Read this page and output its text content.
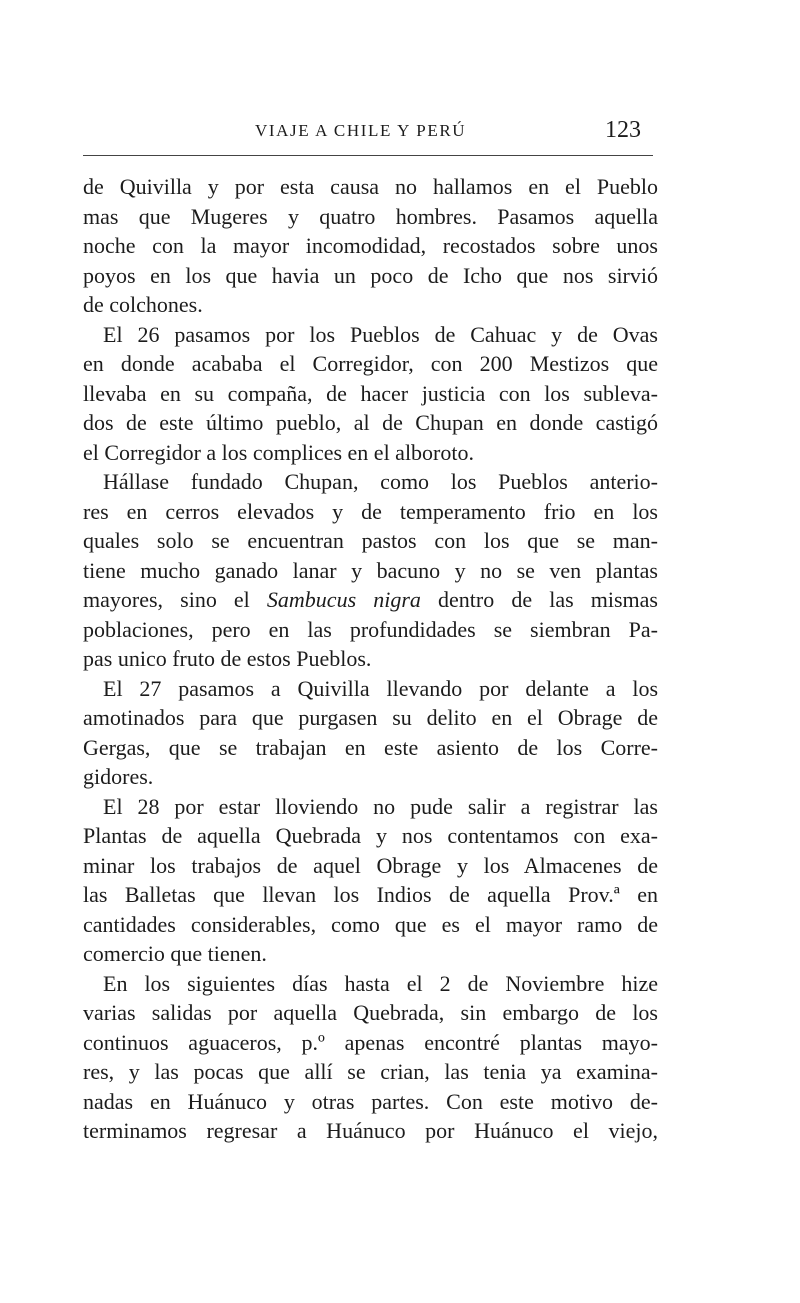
VIAJE A CHILE Y PERÚ	123
de Quivilla y por esta causa no hallamos en el Pueblo
mas que Mugeres y quatro hombres. Pasamos aquella
noche con la mayor incomodidad, recostados sobre unos
poyos en los que havia un poco de Icho que nos sirvió
de colchones.
El 26 pasamos por los Pueblos de Cahuac y de Ovas
en donde acababa el Corregidor, con 200 Mestizos que
llevaba en su compaña, de hacer justicia con los subleva-
dos de este último pueblo, al de Chupan en donde castigó
el Corregidor a los complices en el alboroto.
Hállase fundado Chupan, como los Pueblos anterio-
res en cerros elevados y de temperamento frio en los
quales solo se encuentran pastos con los que se man-
tiene mucho ganado lanar y bacuno y no se ven plantas
mayores, sino el Sambucus nigra dentro de las mismas
poblaciones, pero en las profundidades se siembran Pa-
pas unico fruto de estos Pueblos.
El 27 pasamos a Quivilla llevando por delante a los
amotinados para que purgasen su delito en el Obrage de
Gergas, que se trabajan en este asiento de los Corre-
gidores.
El 28 por estar lloviendo no pude salir a registrar las
Plantas de aquella Quebrada y nos contentamos con exa-
minar los trabajos de aquel Obrage y los Almacenes de
las Balletas que llevan los Indios de aquella Prov.ª en
cantidades considerables, como que es el mayor ramo de
comercio que tienen.
En los siguientes días hasta el 2 de Noviembre hize
varias salidas por aquella Quebrada, sin embargo de los
continuos aguaceros, p.º apenas encontré plantas mayo-
res, y las pocas que allí se crian, las tenia ya examina-
nadas en Huánuco y otras partes. Con este motivo de-
terminamos regresar a Huánuco por Huánuco el viejo,
